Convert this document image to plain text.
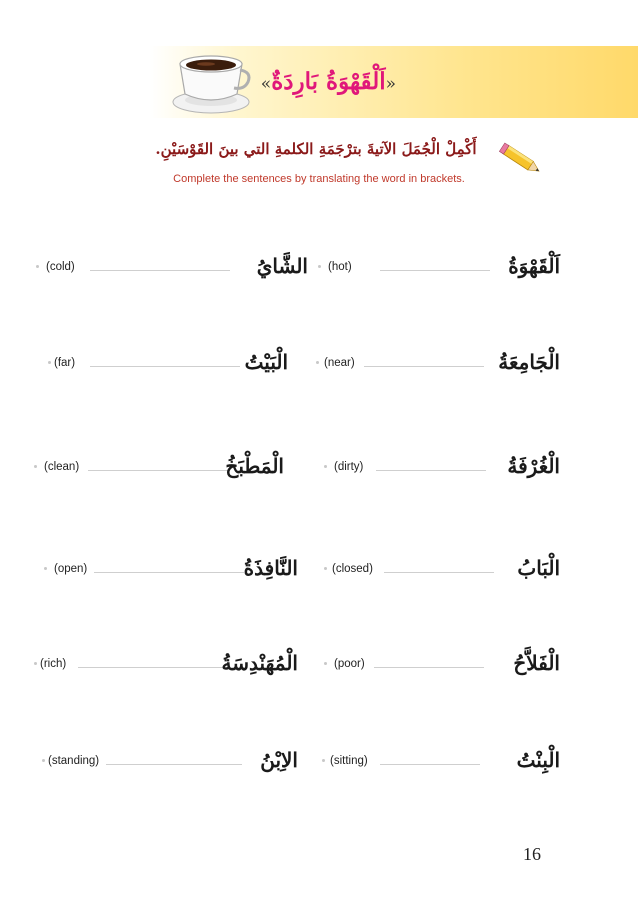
«اَلْقَهْوَةُ بَارِدَةٌ»
أَكْمِلْ الْجُمَلَ الآتيةَ بترْجَمَةِ الكلمةِ التي بينَ القَوْسَيْنِ.
Complete the sentences by translating the word in brackets.
(hot)	اَلْقَهْوَةُ
(cold)	الشَّايُ
(near)	الْجَامِعَةُ
(far)	الْبَيْتُ
(dirty)	الْغُرْفَةُ
(clean)	الْمَطْبَخُ
(closed)	الْبَابُ
(open)	النَّافِذَةُ
(poor)	الْفَلاَّحُ
(rich)	الْمُهَنْدِسَةُ
(sitting)	الْبِنْتُ
(standing)	الاِبْنُ
16
